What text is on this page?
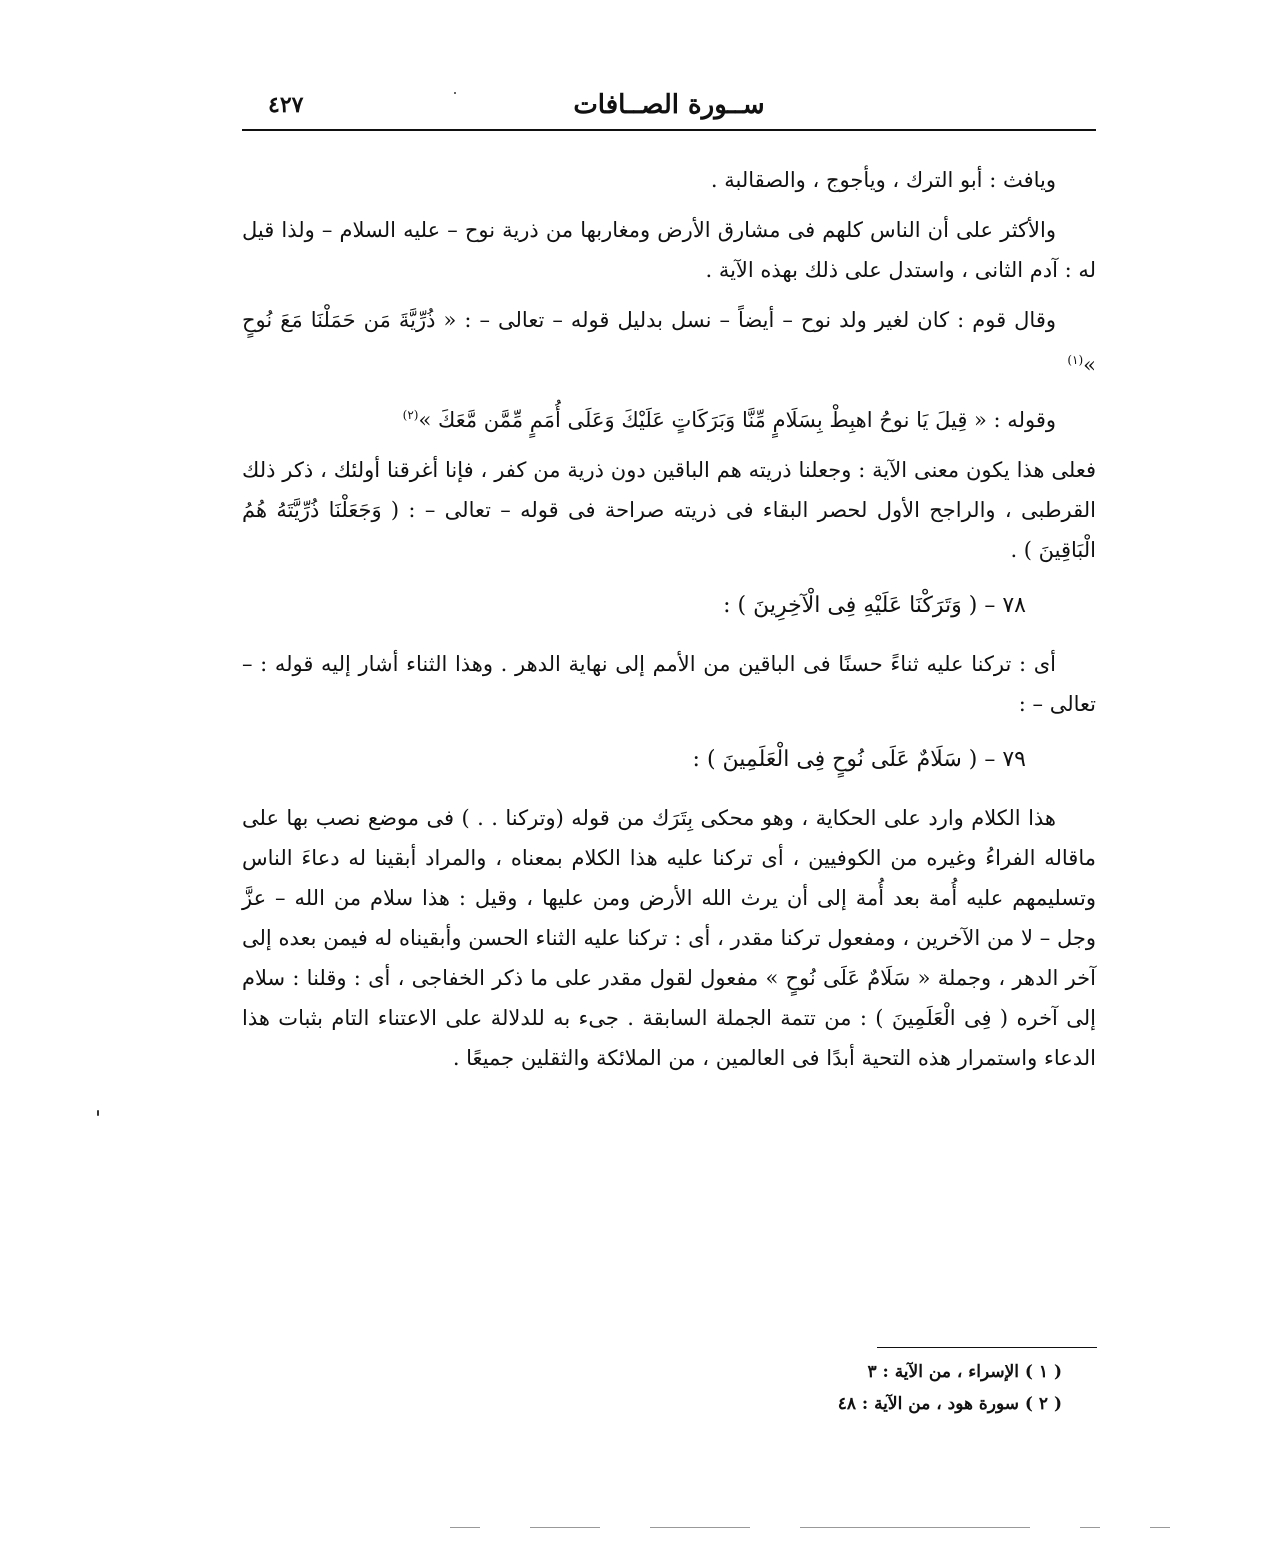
ســورة الصــافات
٤٢٧

ويافث : أبو الترك ، ويأجوج ، والصقالبة .

والأكثر على أن الناس كلهم فى مشارق الأرض ومغاربها من ذرية نوح – عليه السلام – ولذا قيل له : آدم الثانى ، واستدل على ذلك بهذه الآية .

وقال قوم : كان لغير ولد نوح – أيضاً – نسل بدليل قوله – تعالى – : « ذُرِّيَّةَ مَن حَمَلْنَا مَعَ نُوحٍ »$^{(١)}$

وقوله : « قِيلَ يَا نوحُ اهبِطْ بِسَلَامٍ مِّنَّا وَبَرَكَاتٍ عَلَيْكَ وَعَلَى أُمَمٍ مِّمَّن مَّعَكَ »$^{(٢)}$

فعلى هذا يكون معنى الآية : وجعلنا ذريته هم الباقين دون ذرية من كفر ، فإنا أغرقنا أولئك ، ذكر ذلك القرطبى ، والراجح الأول لحصر البقاء فى ذريته صراحة فى قوله – تعالى – : ( وَجَعَلْنَا ذُرِّيَّتَهُ هُمُ الْبَاقِينَ ) .

٧٨ – ( وَتَرَكْنَا عَلَيْهِ فِى الْآخِرِينَ ) :

أى : تركنا عليه ثناءً حسنًا فى الباقين من الأمم إلى نهاية الدهر . وهذا الثناء أشار إليه قوله : – تعالى – :

٧٩ – ( سَلَامٌ عَلَى نُوحٍ فِى الْعَلَمِينَ ) :

هذا الكلام وارد على الحكاية ، وهو محكى بِتَرَك من قوله (وتركنا . . ) فى موضع نصب بها على ماقاله الفراءُ وغيره من الكوفيين ، أى تركنا عليه هذا الكلام بمعناه ، والمراد أبقينا له دعاءَ الناس وتسليمهم عليه أُمة بعد أُمة إلى أن يرث الله الأرض ومن عليها ، وقيل : هذا سلام من الله – عزَّ وجل – لا من الآخرين ، ومفعول تركنا مقدر ، أى : تركنا عليه الثناء الحسن وأبقيناه له فيمن بعده إلى آخر الدهر ، وجملة « سَلَامٌ عَلَى نُوحٍ » مفعول لقول مقدر على ما ذكر الخفاجى ، أى : وقلنا : سلام إلى آخره ( فِى الْعَلَمِينَ ) : من تتمة الجملة السابقة . جىء به للدلالة على الاعتناء التام بثبات هذا الدعاء واستمرار هذه التحية أبدًا فى العالمين ، من الملائكة والثقلين جميعًا .

( ١ ) الإسراء ، من الآية : ٣
( ٢ ) سورة هود ، من الآية : ٤٨
